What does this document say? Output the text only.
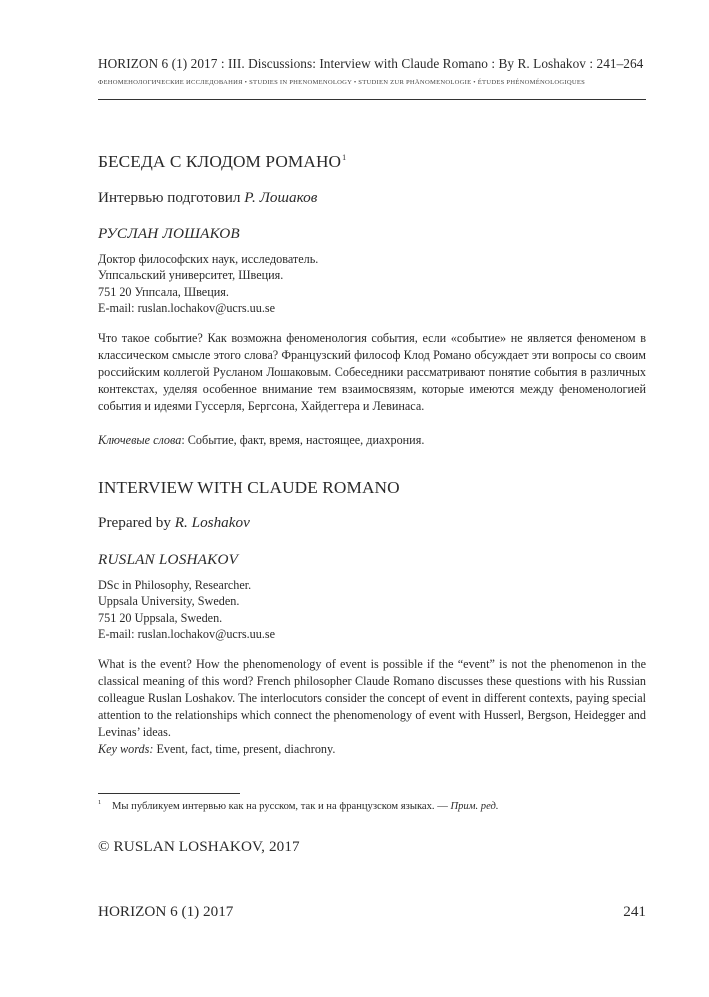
HORIZON 6 (1) 2017 : III. Discussions: Interview with Claude Romano : By R. Loshakov : 241–264
ФЕНОМЕНОЛОГИЧЕСКИЕ ИССЛЕДОВАНИЯ • STUDIES IN PHENOMENOLOGY • STUDIEN ZUR PHÄNOMENOLOGIE • ÉTUDES PHÉNOMÉNOLOGIQUES
БЕСЕДА С КЛОДОМ РОМАНО$^1$
Интервью подготовил Р. Лошаков
РУСЛАН ЛОШАКОВ
Доктор философских наук, исследователь.
Уппсальский университет, Швеция.
751 20 Уппсала, Швеция.
E-mail: ruslan.lochakov@ucrs.uu.se
Что такое событие? Как возможна феноменология события, если «событие» не является феноменом в классическом смысле этого слова? Французский философ Клод Романо обсуждает эти вопросы со своим российским коллегой Русланом Лошаковым. Собеседники рассматривают понятие события в различных контекстах, уделяя особенное внимание тем взаимосвязям, которые имеются между феноменологией события и идеями Гуссерля, Бергсона, Хайдеггера и Левинаса.
Ключевые слова: Событие, факт, время, настоящее, диахрония.
INTERVIEW WITH CLAUDE ROMANO
Prepared by R. Loshakov
RUSLAN LOSHAKOV
DSc in Philosophy, Researcher.
Uppsala University, Sweden.
751 20 Uppsala, Sweden.
E-mail: ruslan.lochakov@ucrs.uu.se
What is the event? How the phenomenology of event is possible if the “event” is not the phenomenon in the classical meaning of this word? French philosopher Claude Romano discusses these questions with his Russian colleague Ruslan Loshakov. The interlocutors consider the concept of event in different contexts, paying special attention to the relationships which connect the phenomenology of event with Husserl, Bergson, Heidegger and Levinas’ ideas.
Key words: Event, fact, time, present, diachrony.
$^1$ Мы публикуем интервью как на русском, так и на французском языках. — Прим. ред.
© RUSLAN LOSHAKOV, 2017
HORIZON 6 (1) 2017	241
